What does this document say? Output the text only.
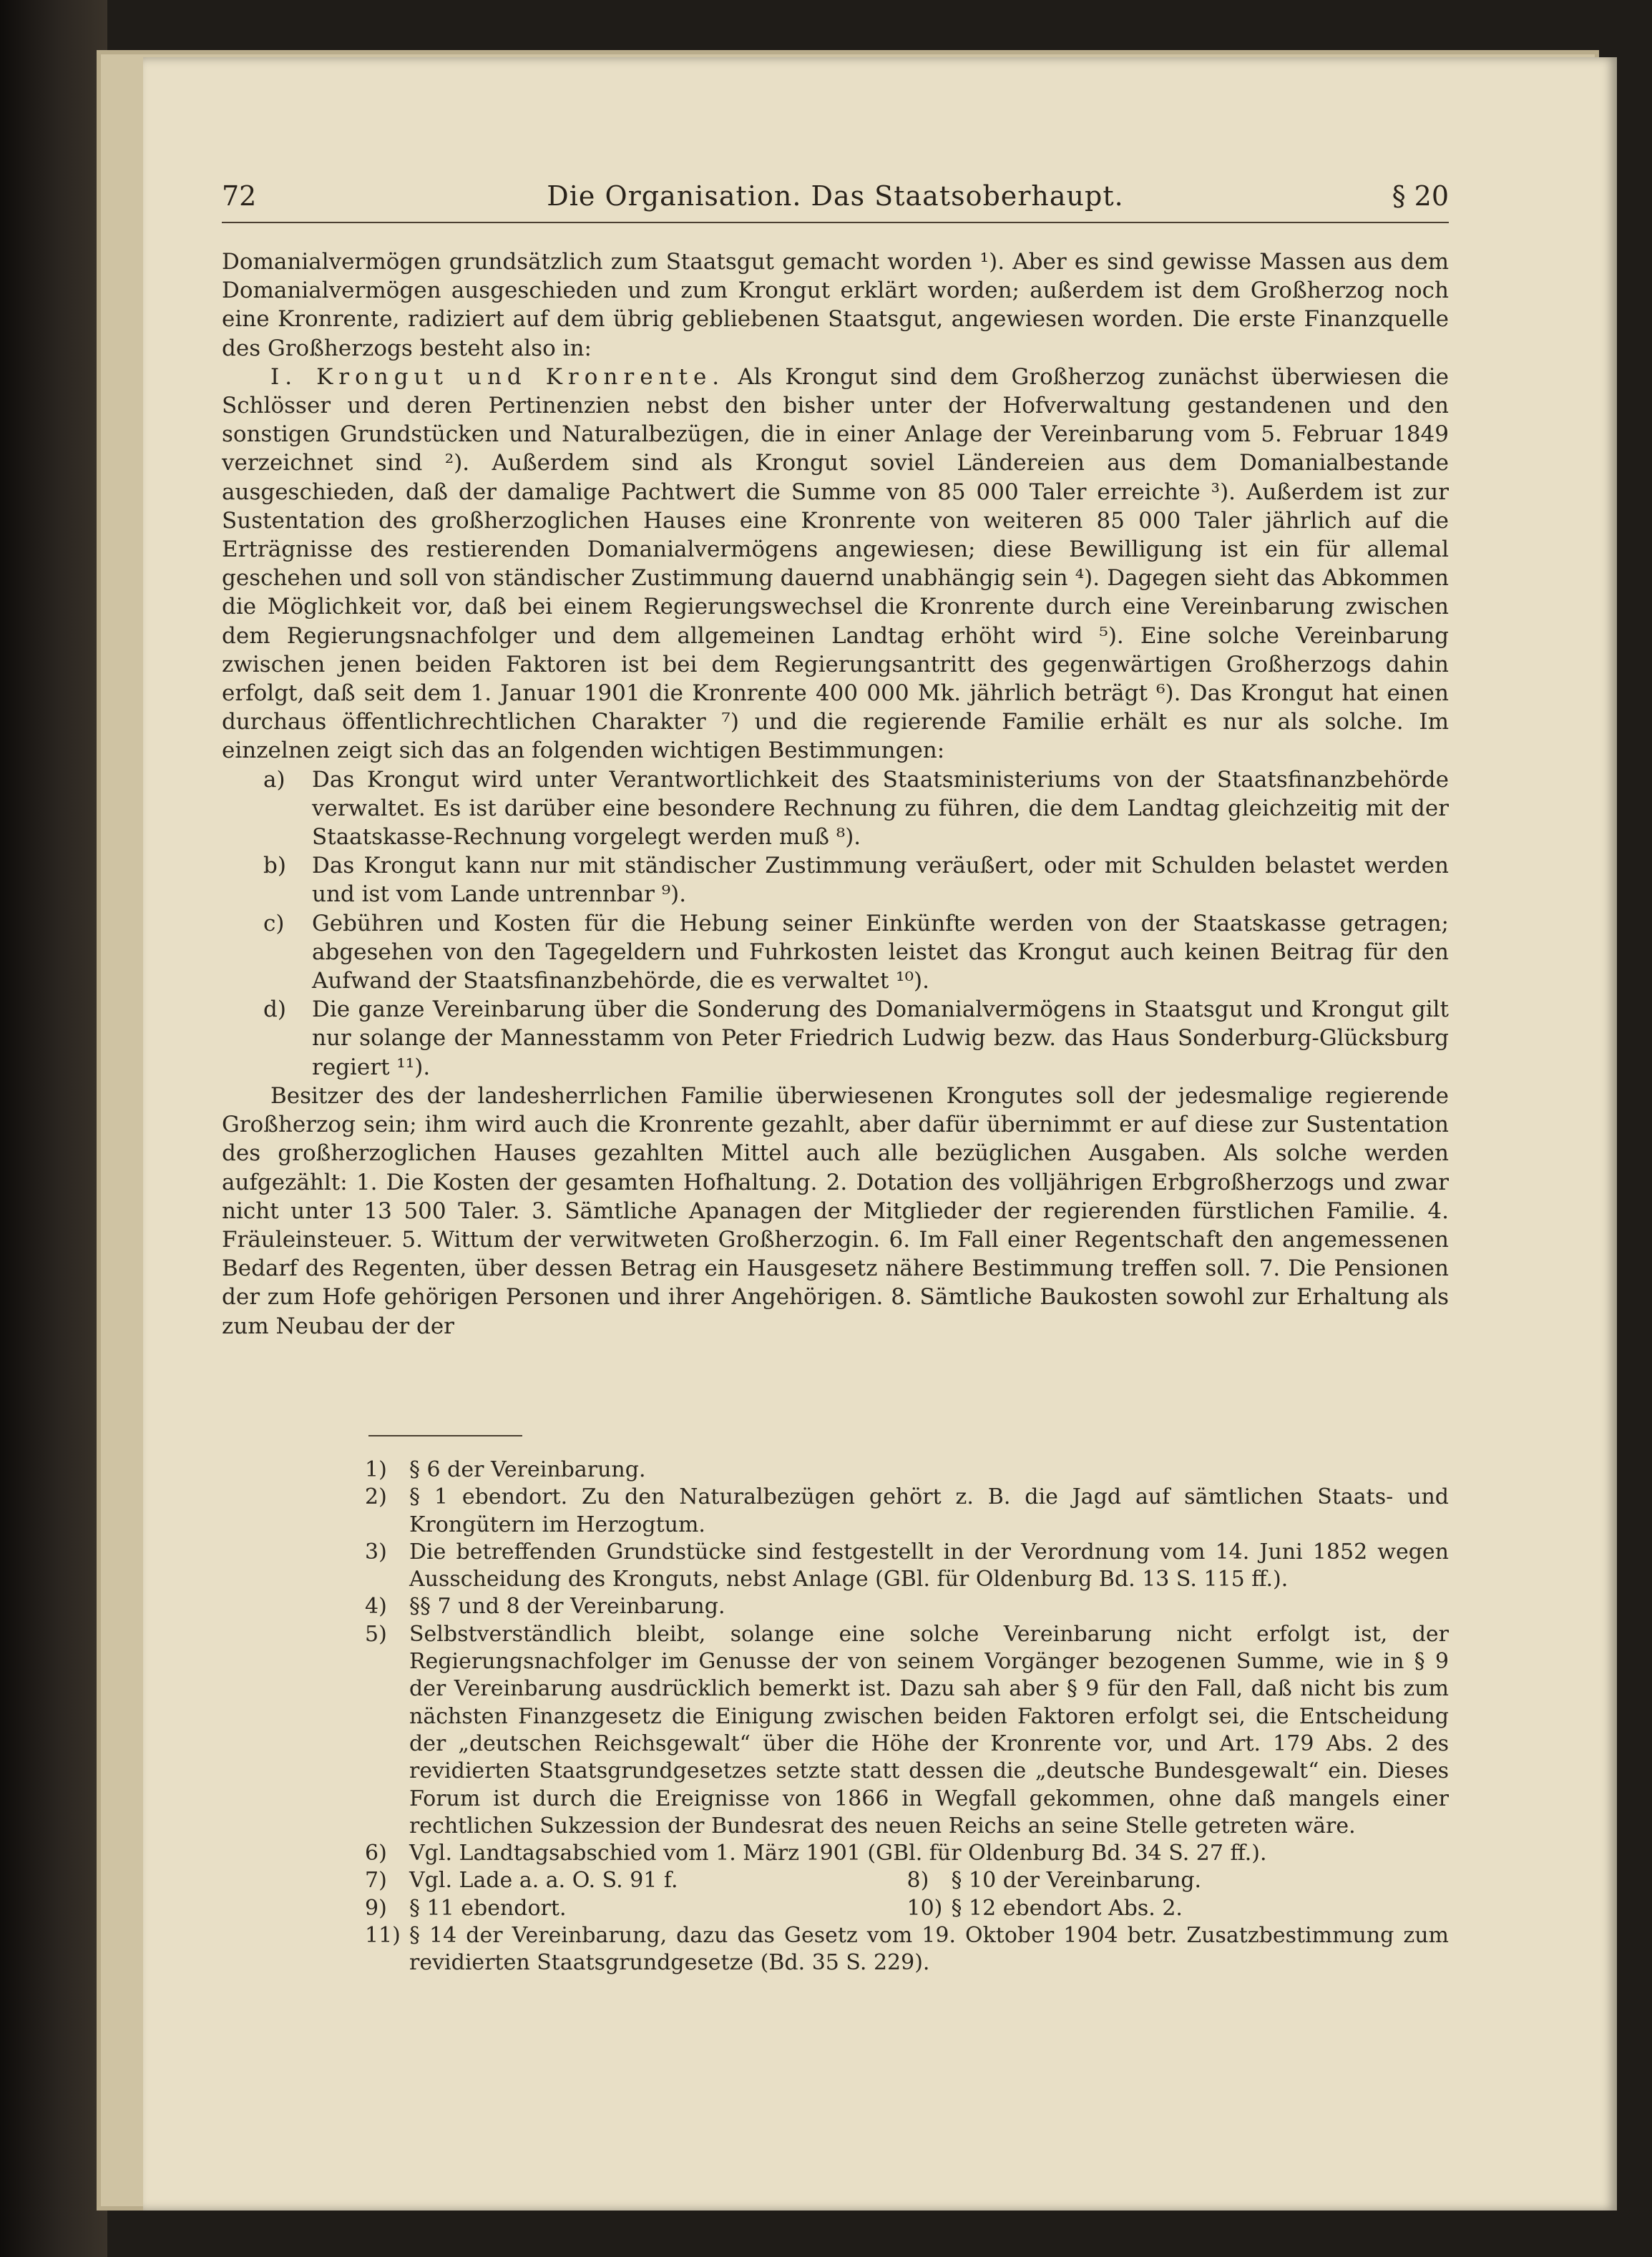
72	Die Organisation. Das Staatsoberhaupt.	§ 20

Domanialvermögen grundsätzlich zum Staatsgut gemacht worden ¹). Aber es sind gewisse Massen aus dem Domanialvermögen ausgeschieden und zum Krongut erklärt worden; außerdem ist dem Großherzog noch eine Kronrente, radiziert auf dem übrig gebliebenen Staatsgut, angewiesen worden. Die erste Finanzquelle des Großherzogs besteht also in:

I. Krongut und Kronrente. Als Krongut sind dem Großherzog zunächst überwiesen die Schlösser und deren Pertinenzien nebst den bisher unter der Hofverwaltung gestandenen und den sonstigen Grundstücken und Naturalbezügen, die in einer Anlage der Vereinbarung vom 5. Februar 1849 verzeichnet sind ²). Außerdem sind als Krongut soviel Ländereien aus dem Domanialbestande ausgeschieden, daß der damalige Pachtwert die Summe von 85 000 Taler erreichte ³). Außerdem ist zur Sustentation des großherzoglichen Hauses eine Kronrente von weiteren 85 000 Taler jährlich auf die Erträgnisse des restierenden Domanialvermögens angewiesen; diese Bewilligung ist ein für allemal geschehen und soll von ständischer Zustimmung dauernd unabhängig sein ⁴). Dagegen sieht das Abkommen die Möglichkeit vor, daß bei einem Regierungswechsel die Kronrente durch eine Vereinbarung zwischen dem Regierungsnachfolger und dem allgemeinen Landtag erhöht wird ⁵). Eine solche Vereinbarung zwischen jenen beiden Faktoren ist bei dem Regierungsantritt des gegenwärtigen Großherzogs dahin erfolgt, daß seit dem 1. Januar 1901 die Kronrente 400 000 Mk. jährlich beträgt ⁶). Das Krongut hat einen durchaus öffentlichrechtlichen Charakter ⁷) und die regierende Familie erhält es nur als solche. Im einzelnen zeigt sich das an folgenden wichtigen Bestimmungen:

a) Das Krongut wird unter Verantwortlichkeit des Staatsministeriums von der Staatsfinanzbehörde verwaltet. Es ist darüber eine besondere Rechnung zu führen, die dem Landtag gleichzeitig mit der Staatskasse-Rechnung vorgelegt werden muß ⁸).
b) Das Krongut kann nur mit ständischer Zustimmung veräußert, oder mit Schulden belastet werden und ist vom Lande untrennbar ⁹).
c) Gebühren und Kosten für die Hebung seiner Einkünfte werden von der Staatskasse getragen; abgesehen von den Tagegeldern und Fuhrkosten leistet das Krongut auch keinen Beitrag für den Aufwand der Staatsfinanzbehörde, die es verwaltet ¹⁰).
d) Die ganze Vereinbarung über die Sonderung des Domanialvermögens in Staatsgut und Krongut gilt nur solange der Mannesstamm von Peter Friedrich Ludwig bezw. das Haus Sonderburg-Glücksburg regiert ¹¹).

Besitzer des der landesherrlichen Familie überwiesenen Krongutes soll der jedesmalige regierende Großherzog sein; ihm wird auch die Kronrente gezahlt, aber dafür übernimmt er auf diese zur Sustentation des großherzoglichen Hauses gezahlten Mittel auch alle bezüglichen Ausgaben. Als solche werden aufgezählt: 1. Die Kosten der gesamten Hofhaltung. 2. Dotation des volljährigen Erbgroßherzogs und zwar nicht unter 13 500 Taler. 3. Sämtliche Apanagen der Mitglieder der regierenden fürstlichen Familie. 4. Fräuleinsteuer. 5. Wittum der verwitweten Großherzogin. 6. Im Fall einer Regentschaft den angemessenen Bedarf des Regenten, über dessen Betrag ein Hausgesetz nähere Bestimmung treffen soll. 7. Die Pensionen der zum Hofe gehörigen Personen und ihrer Angehörigen. 8. Sämtliche Baukosten sowohl zur Erhaltung als zum Neubau der der

1) § 6 der Vereinbarung.

2) § 1 ebendort. Zu den Naturalbezügen gehört z. B. die Jagd auf sämtlichen Staats- und Krongütern im Herzogtum.

3) Die betreffenden Grundstücke sind festgestellt in der Verordnung vom 14. Juni 1852 wegen Ausscheidung des Kronguts, nebst Anlage (GBl. für Oldenburg Bd. 13 S. 115 ff.).

4) §§ 7 und 8 der Vereinbarung.

5) Selbstverständlich bleibt, solange eine solche Vereinbarung nicht erfolgt ist, der Regierungsnachfolger im Genusse der von seinem Vorgänger bezogenen Summe, wie in § 9 der Vereinbarung ausdrücklich bemerkt ist. Dazu sah aber § 9 für den Fall, daß nicht bis zum nächsten Finanzgesetz die Einigung zwischen beiden Faktoren erfolgt sei, die Entscheidung der „deutschen Reichsgewalt“ über die Höhe der Kronrente vor, und Art. 179 Abs. 2 des revidierten Staatsgrundgesetzes setzte statt dessen die „deutsche Bundesgewalt“ ein. Dieses Forum ist durch die Ereignisse von 1866 in Wegfall gekommen, ohne daß mangels einer rechtlichen Sukzession der Bundesrat des neuen Reichs an seine Stelle getreten wäre.

6) Vgl. Landtagsabschied vom 1. März 1901 (GBl. für Oldenburg Bd. 34 S. 27 ff.).

7) Vgl. Lade a. a. O. S. 91 f.	8) § 10 der Vereinbarung.

9) § 11 ebendort.	10) § 12 ebendort Abs. 2.

11) § 14 der Vereinbarung, dazu das Gesetz vom 19. Oktober 1904 betr. Zusatzbestimmung zum revidierten Staatsgrundgesetze (Bd. 35 S. 229).
